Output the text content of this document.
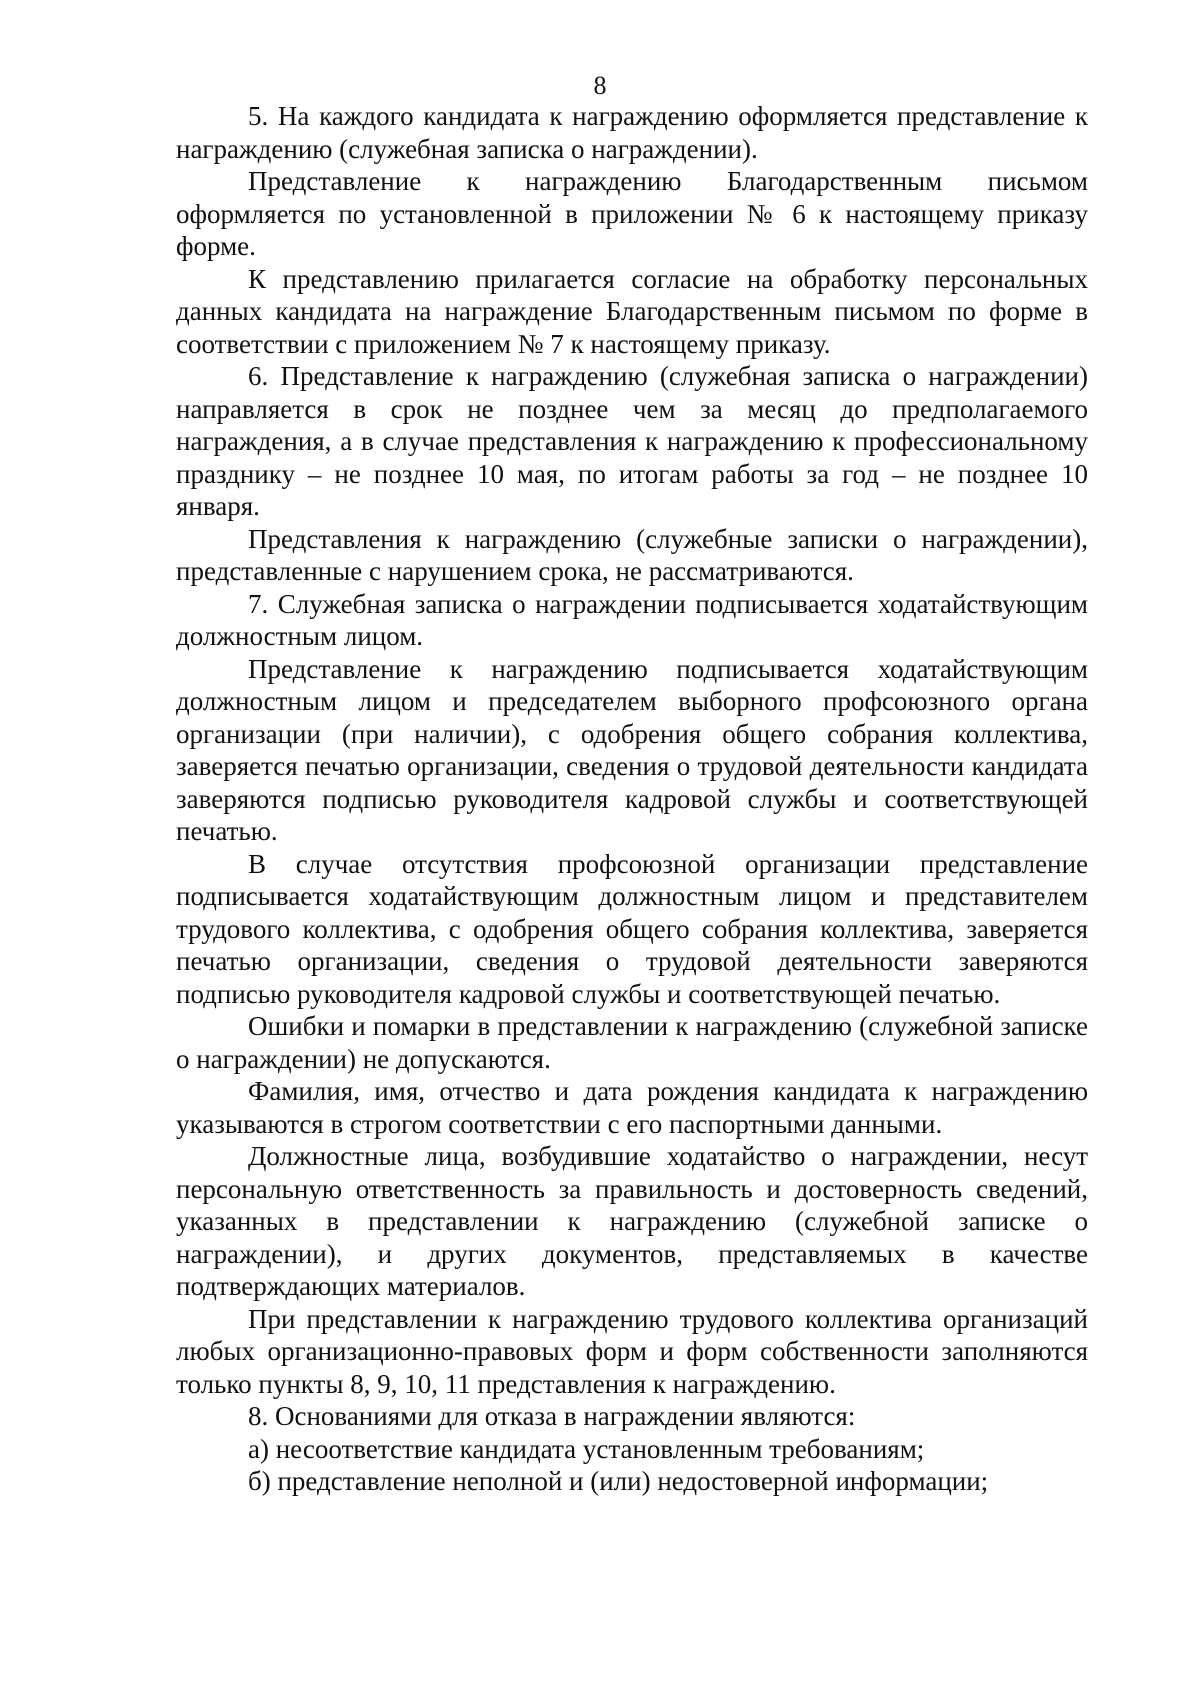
8

5. На каждого кандидата к награждению оформляется представление к награждению (служебная записка о награждении).

Представление к награждению Благодарственным письмом оформляется по установленной в приложении № 6 к настоящему приказу форме.

К представлению прилагается согласие на обработку персональных данных кандидата на награждение Благодарственным письмом по форме в соответствии с приложением № 7 к настоящему приказу.

6. Представление к награждению (служебная записка о награждении) направляется в срок не позднее чем за месяц до предполагаемого награждения, а в случае представления к награждению к профессиональному празднику – не позднее 10 мая, по итогам работы за год – не позднее 10 января.

Представления к награждению (служебные записки о награждении), представленные с нарушением срока, не рассматриваются.

7. Служебная записка о награждении подписывается ходатайствующим должностным лицом.

Представление к награждению подписывается ходатайствующим должностным лицом и председателем выборного профсоюзного органа организации (при наличии), с одобрения общего собрания коллектива, заверяется печатью организации, сведения о трудовой деятельности кандидата заверяются подписью руководителя кадровой службы и соответствующей печатью.

В случае отсутствия профсоюзной организации представление подписывается ходатайствующим должностным лицом и представителем трудового коллектива, с одобрения общего собрания коллектива, заверяется печатью организации, сведения о трудовой деятельности заверяются подписью руководителя кадровой службы и соответствующей печатью.

Ошибки и помарки в представлении к награждению (служебной записке о награждении) не допускаются.

Фамилия, имя, отчество и дата рождения кандидата к награждению указываются в строгом соответствии с его паспортными данными.

Должностные лица, возбудившие ходатайство о награждении, несут персональную ответственность за правильность и достоверность сведений, указанных в представлении к награждению (служебной записке о награждении), и других документов, представляемых в качестве подтверждающих материалов.

При представлении к награждению трудового коллектива организаций любых организационно-правовых форм и форм собственности заполняются только пункты 8, 9, 10, 11 представления к награждению.

8. Основаниями для отказа в награждении являются:

а) несоответствие кандидата установленным требованиям;

б) представление неполной и (или) недостоверной информации;
